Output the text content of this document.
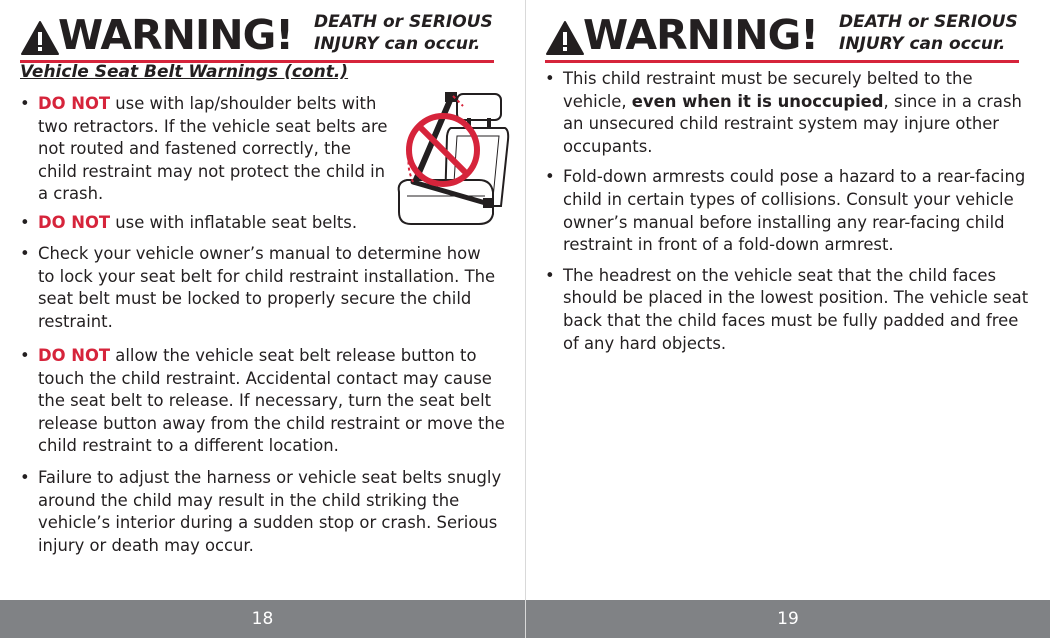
WARNING! DEATH or SERIOUS
INJURY can occur.
Vehicle Seat Belt Warnings (cont.)
• DO NOT use with lap/shoulder belts with two retractors. If the vehicle seat belts are not routed and fastened correctly, the child restraint may not protect the child in a crash.
• DO NOT use with inflatable seat belts.
• Check your vehicle owner’s manual to determine how to lock your seat belt for child restraint installation. The seat belt must be locked to properly secure the child restraint.
• DO NOT allow the vehicle seat belt release button to touch the child restraint. Accidental contact may cause the seat belt to release. If necessary, turn the seat belt release button away from the child restraint or move the child restraint to a different location.
• Failure to adjust the harness or vehicle seat belts snugly around the child may result in the child striking the vehicle’s interior during a sudden stop or crash. Serious injury or death may occur.
WARNING! DEATH or SERIOUS
INJURY can occur.
• This child restraint must be securely belted to the vehicle, even when it is unoccupied, since in a crash an unsecured child restraint system may injure other occupants.
• Fold-down armrests could pose a hazard to a rear-facing child in certain types of collisions. Consult your vehicle owner’s manual before installing any rear-facing child restraint in front of a fold-down armrest.
• The headrest on the vehicle seat that the child faces should be placed in the lowest position. The vehicle seat back that the child faces must be fully padded and free of any hard objects.
18	19
